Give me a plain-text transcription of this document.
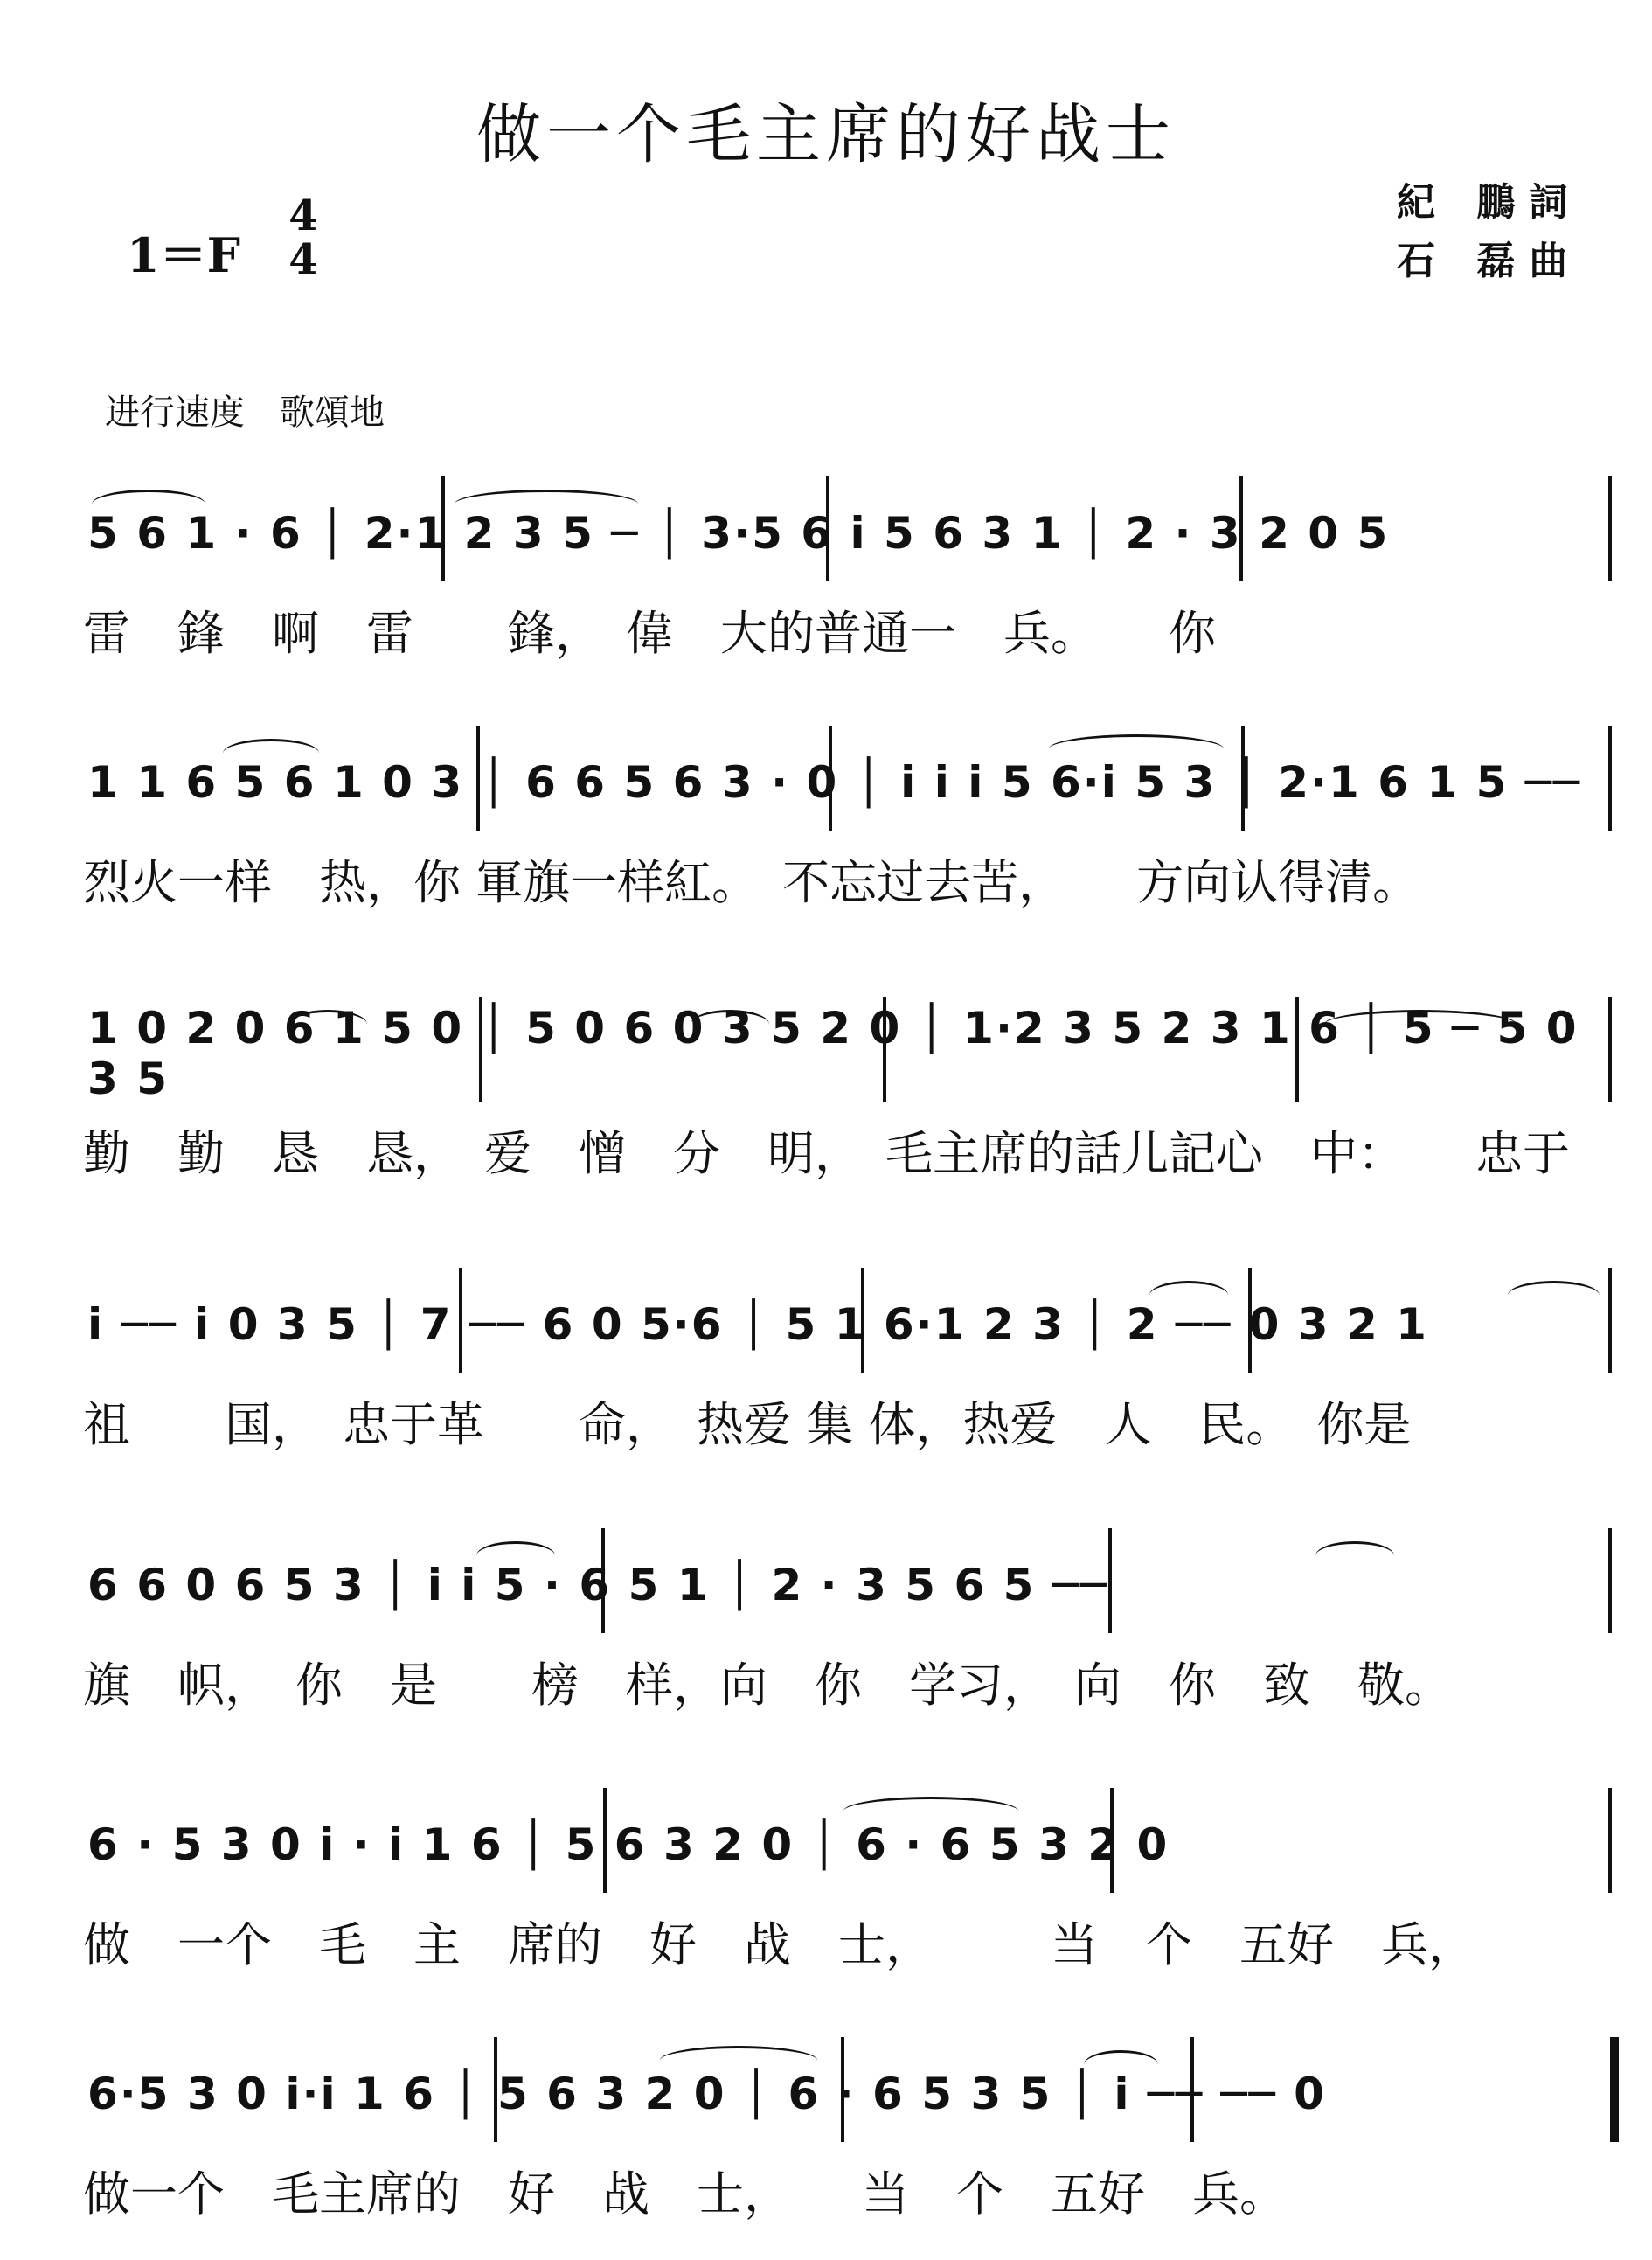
做一个毛主席的好战士
1＝F
4
4
紀 鵬詞
石 磊曲
进行速度　歌頌地
5 6 1 · 6 │ 2·1 2 3 5 ─ │ 3·5 6 i 5 6 3 1 │ 2 · 3 2 0 5
雷　鋒　啊　雷　　鋒，　偉　大的普通一　兵。　　你
1 1 6 5 6 1 0 3 │ 6 6 5 6 3 · 0 │ i i i 5 6·i 5 3 │ 2·1 6 1 5 ──
烈火一样　热，你 軍旗一样紅。　不忘过去苦，　　方向认得清。
1 0 2 0 6 1 5 0 │ 5 0 6 0 3 5 2 0 │ 1·2 3 5 2 3 1 6 │ 5 ─ 5 0 3 5
勤　勤　恳　恳，　爱　憎　分　明，　毛主席的話儿記心　中：　　忠于
i ── i 0 3 5 │ 7 ── 6 0 5·6 │ 5 1 6·1 2 3 │ 2 ── 0 3 2 1
祖　　国，　忠于革　　命，　热爱 集 体，热爱　人　民。　你是
6 6 0 6 5 3 │ i i 5 · 6 5 1 │ 2 · 3 5 6 5 ──
旗　帜，　你　是　　榜　样，向　你　学习，　向　你　致　敬。
6 · 5 3 0 i · i 1 6 │ 5 6 3 2 0 │ 6 · 6 5 3 2 0
做　一个　毛　主　席的　好　战　士，　　　当　个　五好　兵，
6·5 3 0 i·i 1 6 │ 5 6 3 2 0 │ 6 · 6 5 3 5 │ i ── ── 0
做一个　毛主席的　好　战　士，　　当　个　五好　兵。
